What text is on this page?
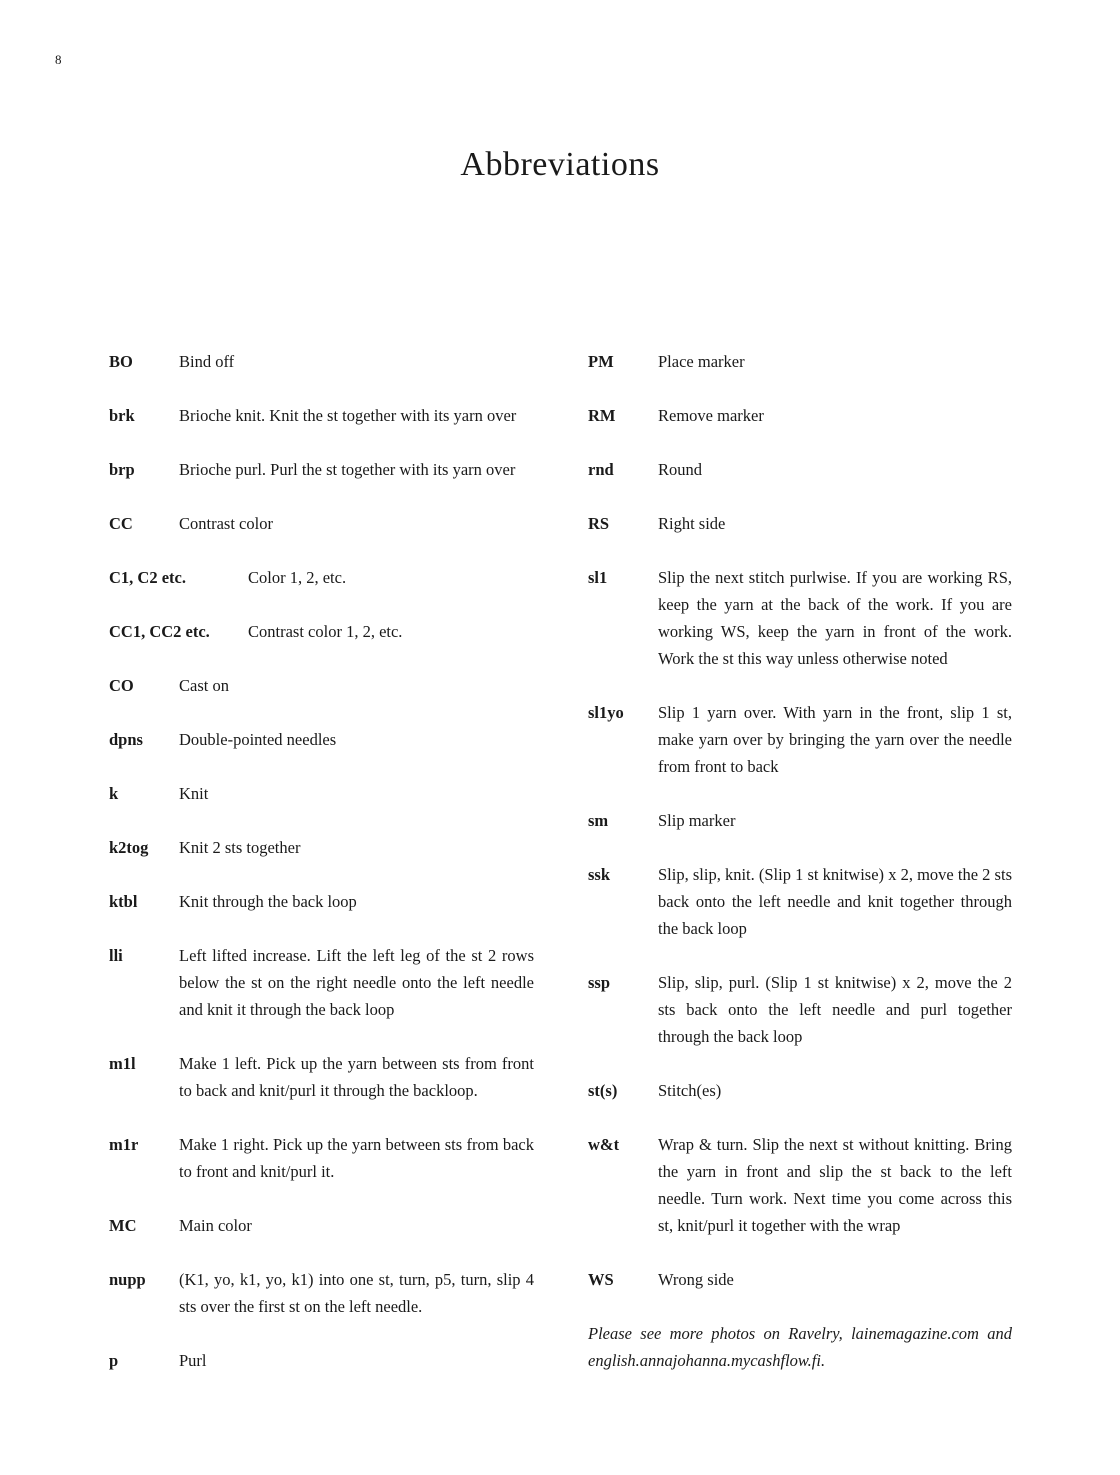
8
Abbreviations
BO	Bind off
brk	Brioche knit. Knit the st together with its yarn over
brp	Brioche purl. Purl the st together with its yarn over
CC	Contrast color
C1, C2 etc.	Color 1, 2, etc.
CC1, CC2 etc. Contrast color 1, 2, etc.
CO	Cast on
dpns Double-pointed needles
k	Knit
k2tog Knit 2 sts together
ktbl	Knit through the back loop
lli	Left lifted increase. Lift the left leg of the st 2 rows below the st on the right needle onto the left needle and knit it through the back loop
m1l	Make 1 left. Pick up the yarn between sts from front to back and knit/purl it through the backloop.
m1r Make 1 right. Pick up the yarn between sts from back to front and knit/purl it.
MC	Main color
nupp (K1, yo, k1, yo, k1) into one st, turn, p5, turn, slip 4 sts over the first st on the left needle.
p	Purl
PM	Place marker
RM	Remove marker
rnd	Round
RS	Right side
sl1	Slip the next stitch purlwise. If you are working RS, keep the yarn at the back of the work. If you are working WS, keep the yarn in front of the work. Work the st this way unless otherwise noted
sl1yo Slip 1 yarn over. With yarn in the front, slip 1 st, make yarn over by bringing the yarn over the needle from front to back
sm	Slip marker
ssk	Slip, slip, knit. (Slip 1 st knitwise) x 2, move the 2 sts back onto the left needle and knit together through the back loop
ssp	Slip, slip, purl. (Slip 1 st knitwise) x 2, move the 2 sts back onto the left needle and purl together through the back loop
st(s) Stitch(es)
w&t Wrap & turn. Slip the next st without knitting. Bring the yarn in front and slip the st back to the left needle. Turn work. Next time you come across this st, knit/purl it together with the wrap
WS	Wrong side
Please see more photos on Ravelry, lainemagazine.com and english.annajohanna.mycashflow.fi.
